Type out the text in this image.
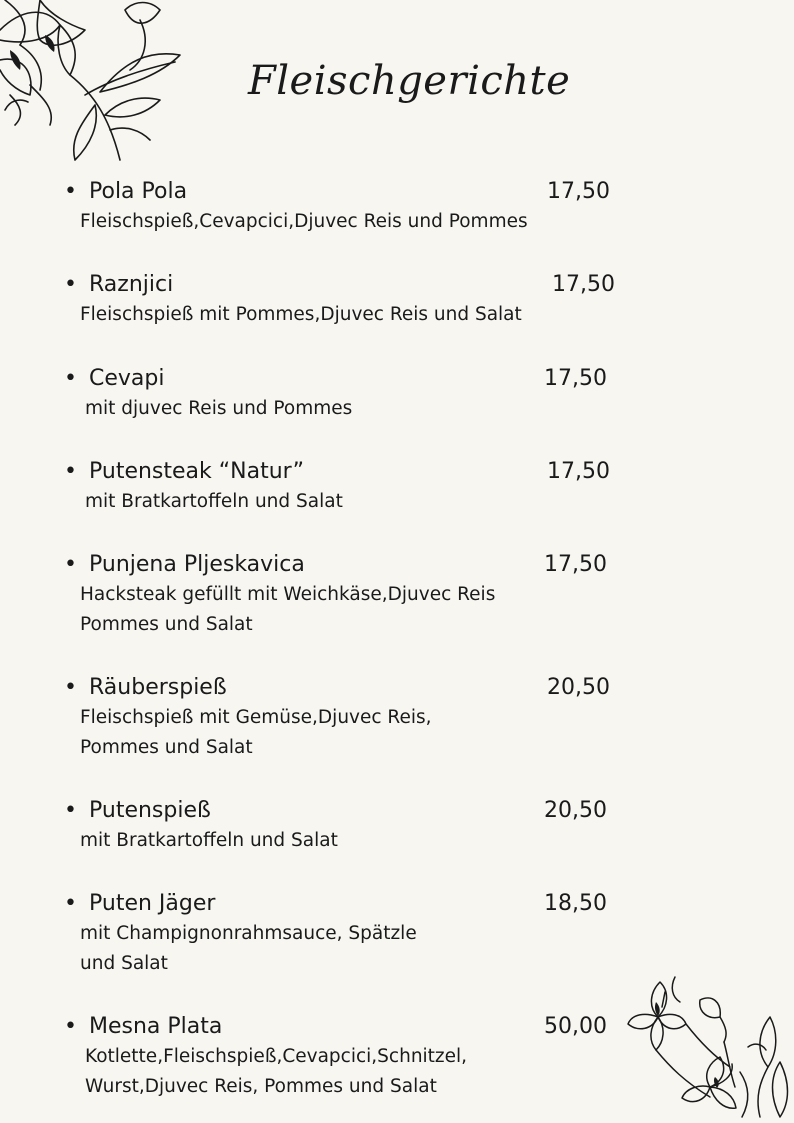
Fleischgerichte
• Pola Pola	17,50
Fleischspieß,Cevapcici,Djuvec Reis und Pommes
• Raznjici	17,50
Fleischspieß mit Pommes,Djuvec Reis und Salat
• Cevapi	17,50
mit djuvec Reis und Pommes
• Putensteak “Natur”	17,50
mit Bratkartoffeln und Salat
• Punjena Pljeskavica	17,50
Hacksteak gefüllt mit Weichkäse,Djuvec Reis
Pommes und Salat
• Räuberspieß	20,50
Fleischspieß mit Gemüse,Djuvec Reis,
Pommes und Salat
• Putenspieß	20,50
mit Bratkartoffeln und Salat
• Puten Jäger	18,50
mit Champignonrahmsauce, Spätzle
und Salat
• Mesna Plata	50,00
Kotlette,Fleischspieß,Cevapcici,Schnitzel,
Wurst,Djuvec Reis, Pommes und Salat
